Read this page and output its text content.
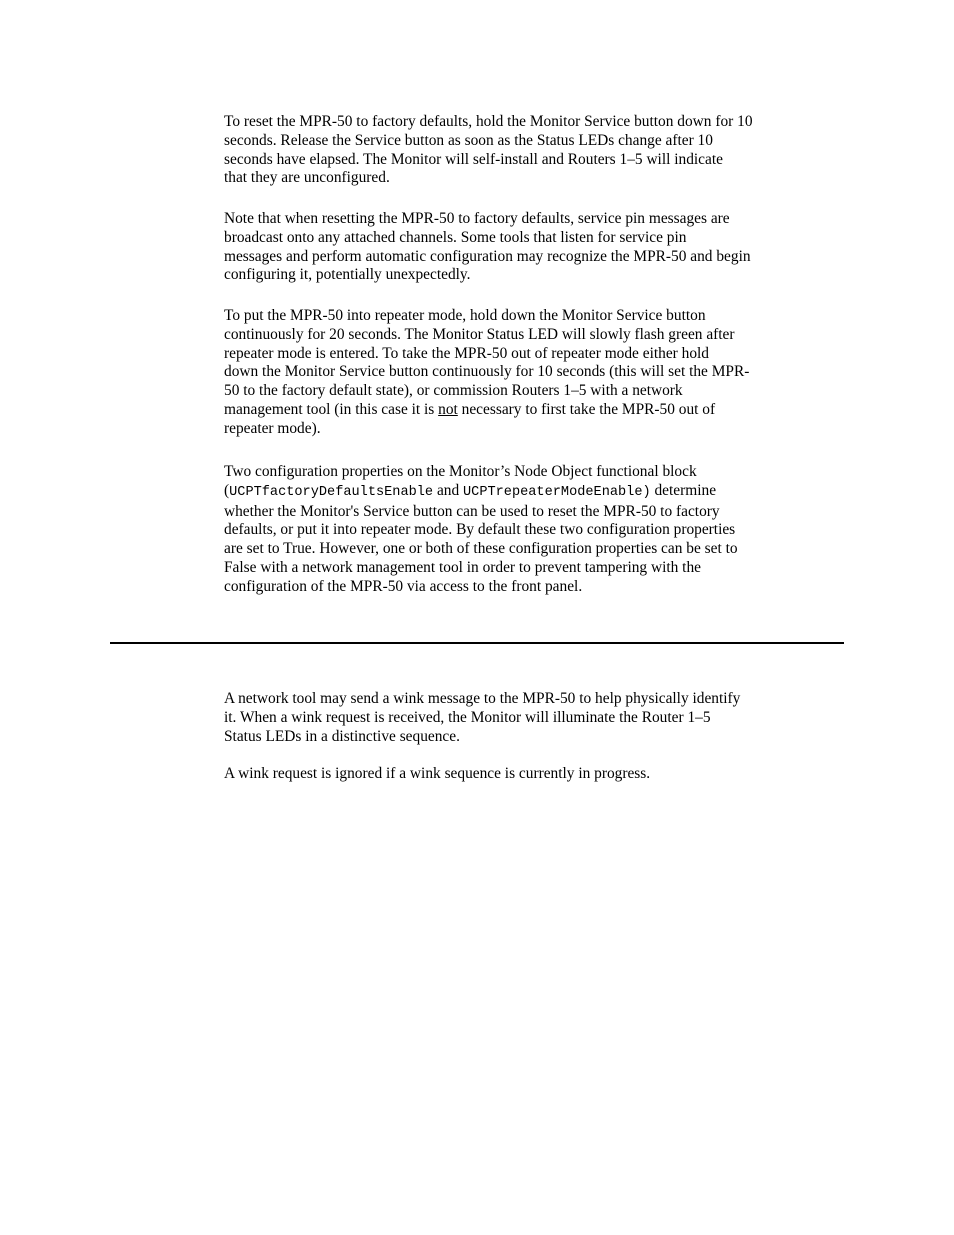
To reset the MPR-50 to factory defaults, hold the Monitor Service button down for 10
seconds. Release the Service button as soon as the Status LEDs change after 10
seconds have elapsed. The Monitor will self-install and Routers 1–5 will indicate
that they are unconfigured.

Note that when resetting the MPR-50 to factory defaults, service pin messages are
broadcast onto any attached channels. Some tools that listen for service pin
messages and perform automatic configuration may recognize the MPR-50 and begin
configuring it, potentially unexpectedly.

To put the MPR-50 into repeater mode, hold down the Monitor Service button
continuously for 20 seconds. The Monitor Status LED will slowly flash green after
repeater mode is entered. To take the MPR-50 out of repeater mode either hold
down the Monitor Service button continuously for 10 seconds (this will set the MPR-
50 to the factory default state), or commission Routers 1–5 with a network
management tool (in this case it is not necessary to first take the MPR-50 out of
repeater mode).

Two configuration properties on the Monitor’s Node Object functional block
(UCPTfactoryDefaultsEnable and UCPTrepeaterModeEnable) determine
whether the Monitor's Service button can be used to reset the MPR-50 to factory
defaults, or put it into repeater mode. By default these two configuration properties
are set to True. However, one or both of these configuration properties can be set to
False with a network management tool in order to prevent tampering with the
configuration of the MPR-50 via access to the front panel.

A network tool may send a wink message to the MPR-50 to help physically identify
it. When a wink request is received, the Monitor will illuminate the Router 1–5
Status LEDs in a distinctive sequence.

A wink request is ignored if a wink sequence is currently in progress.
